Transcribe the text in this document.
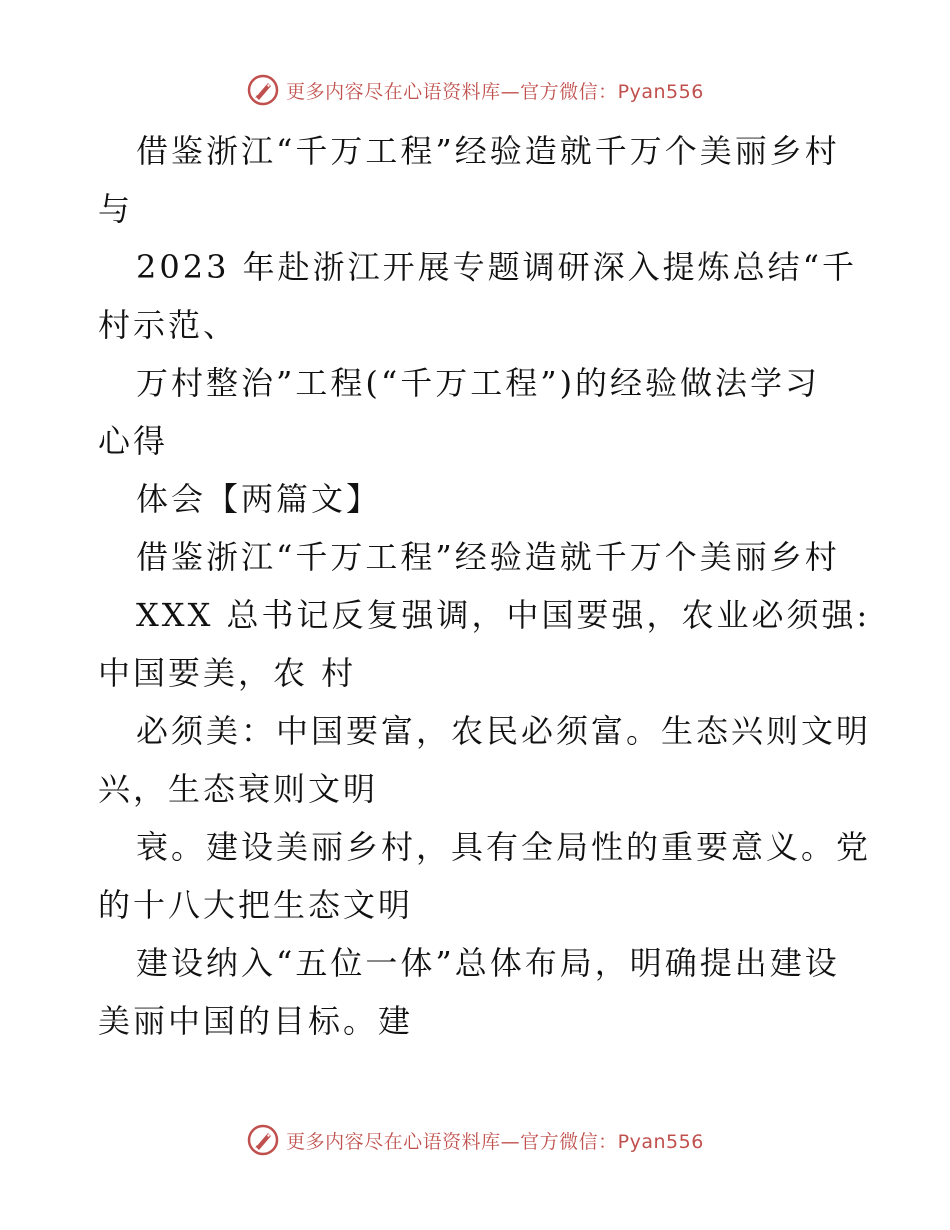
更多内容尽在心语资料库—官方微信：Pyan556
借鉴浙江“千万工程”经验造就千万个美丽乡村
与
2023 年赴浙江开展专题调研深入提炼总结“千
村示范、
万村整治”工程(“千万工程”)的经验做法学习
心得
体会【两篇文】
借鉴浙江“千万工程”经验造就千万个美丽乡村
XXX 总书记反复强调，中国要强，农业必须强:
中国要美，农 村
必须美：中国要富，农民必须富。生态兴则文明
兴，生态衰则文明
衰。建设美丽乡村，具有全局性的重要意义。党
的十八大把生态文明
建设纳入“五位一体”总体布局，明确提出建设
美丽中国的目标。建
更多内容尽在心语资料库—官方微信：Pyan556
